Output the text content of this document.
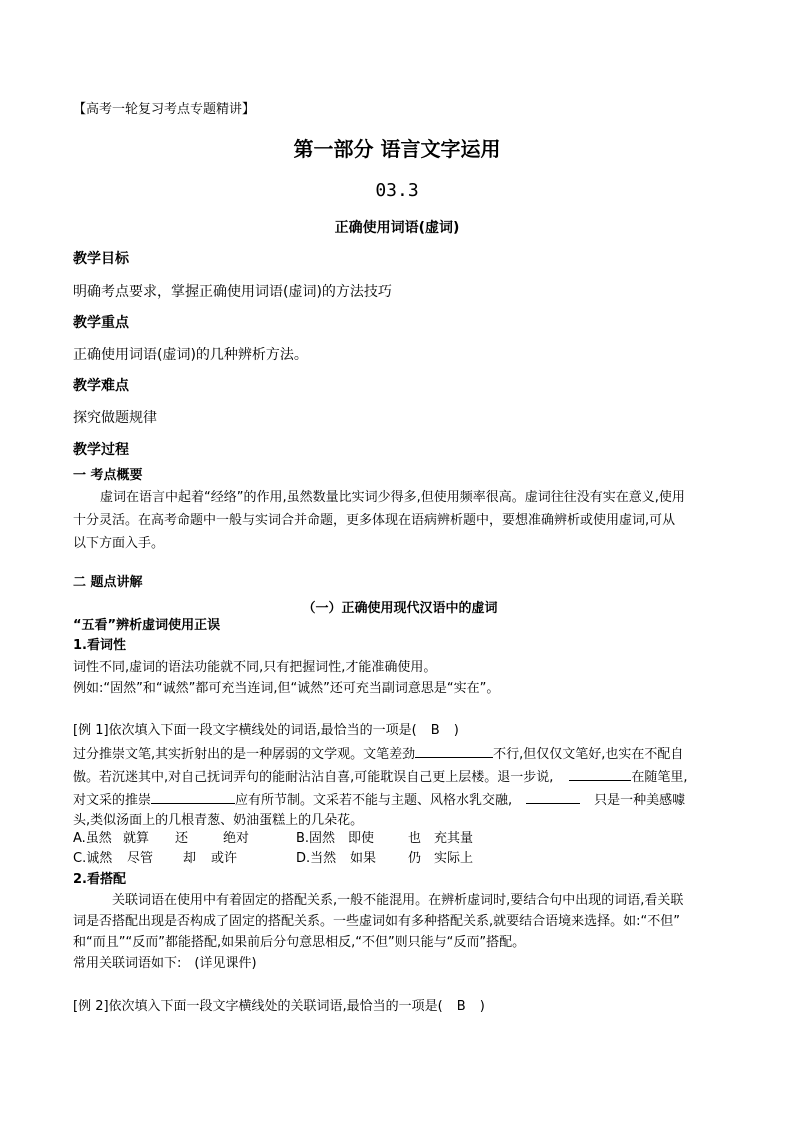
【高考一轮复习考点专题精讲】
第一部分 语言文字运用
03.3
正确使用词语(虚词)
教学目标
明确考点要求，掌握正确使用词语(虚词)的方法技巧
教学重点
正确使用词语(虚词)的几种辨析方法。
教学难点
探究做题规律
教学过程
一 考点概要
虚词在语言中起着“经络”的作用,虽然数量比实词少得多,但使用频率很高。虚词往往没有实在意义,使用
十分灵活。在高考命题中一般与实词合并命题，更多体现在语病辨析题中，要想准确辨析或使用虚词,可从
以下方面入手。
二 题点讲解
（一）正确使用现代汉语中的虚词
“五看”辨析虚词使用正误
1.看词性
词性不同,虚词的语法功能就不同,只有把握词性,才能准确使用。
例如:“固然”和“诚然”都可充当连词,但“诚然”还可充当副词意思是“实在”。
[例 1]依次填入下面一段文字横线处的词语,最恰当的一项是( B )
过分推崇文笔,其实折射出的是一种孱弱的文学观。文笔差劲	不行,但仅仅文笔好,也实在不配自
傲。若沉迷其中,对自己抚词弄句的能耐沾沾自喜,可能耽误自己更上层楼。退一步说,	在随笔里,
对文采的推崇	应有所节制。文采若不能与主题、风格水乳交融,	只是一种美感噱
头,类似汤面上的几根青葱、奶油蛋糕上的几朵花。
A.虽然 就算 还	绝对	B.固然 即使	也 充其量
C.诚然 尽管 却 或许	D.当然 如果 仍 实际上
2.看搭配
关联词语在使用中有着固定的搭配关系,一般不能混用。在辨析虚词时,要结合句中出现的词语,看关联
词是否搭配出现是否构成了固定的搭配关系。一些虚词如有多种搭配关系,就要结合语境来选择。如:“不但”
和“而且”“反而”都能搭配,如果前后分句意思相反,“不但”则只能与“反而”搭配。
常用关联词语如下:　(详见课件)
[例 2]依次填入下面一段文字横线处的关联词语,最恰当的一项是( B )
